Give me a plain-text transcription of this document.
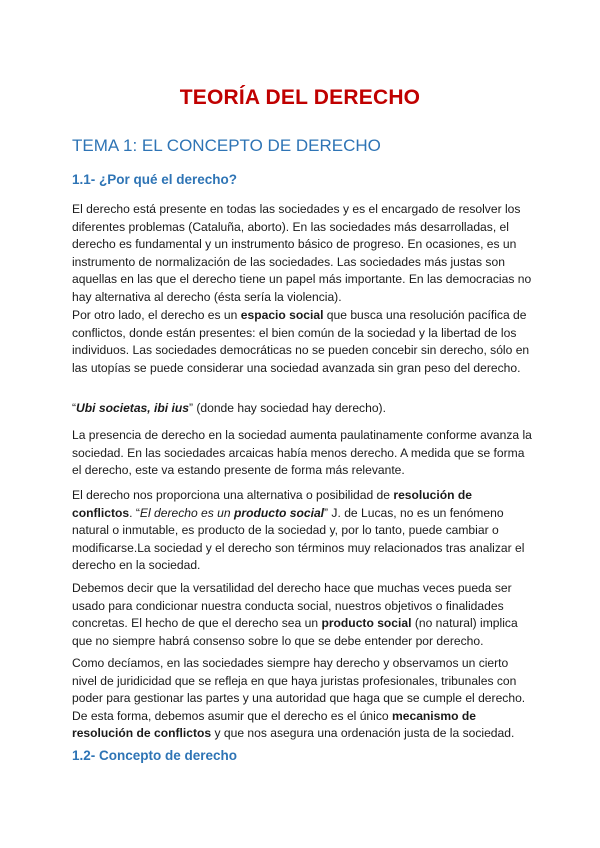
TEORÍA DEL DERECHO
TEMA 1: EL CONCEPTO DE DERECHO
1.1- ¿Por qué el derecho?

El derecho está presente en todas las sociedades y es el encargado de resolver los diferentes problemas (Cataluña, aborto). En las sociedades más desarrolladas, el derecho es fundamental y un instrumento básico de progreso. En ocasiones, es un instrumento de normalización de las sociedades. Las sociedades más justas son aquellas en las que el derecho tiene un papel más importante. En las democracias no hay alternativa al derecho (ésta sería la violencia).

Por otro lado, el derecho es un espacio social que busca una resolución pacífica de conflictos, donde están presentes: el bien común de la sociedad y la libertad de los individuos. Las sociedades democráticas no se pueden concebir sin derecho, sólo en las utopías se puede considerar una sociedad avanzada sin gran peso del derecho.

“Ubi societas, ibi ius” (donde hay sociedad hay derecho).

La presencia de derecho en la sociedad aumenta paulatinamente conforme avanza la sociedad. En las sociedades arcaicas había menos derecho. A medida que se forma el derecho, este va estando presente de forma más relevante.

El derecho nos proporciona una alternativa o posibilidad de resolución de conflictos. “El derecho es un producto social” J. de Lucas, no es un fenómeno natural o inmutable, es producto de la sociedad y, por lo tanto, puede cambiar o modificarse.La sociedad y el derecho son términos muy relacionados tras analizar el derecho en la sociedad.

Debemos decir que la versatilidad del derecho hace que muchas veces pueda ser usado para condicionar nuestra conducta social, nuestros objetivos o finalidades concretas. El hecho de que el derecho sea un producto social (no natural) implica que no siempre habrá consenso sobre lo que se debe entender por derecho.

Como decíamos, en las sociedades siempre hay derecho y observamos un cierto nivel de juridicidad que se refleja en que haya juristas profesionales, tribunales con poder para gestionar las partes y una autoridad que haga que se cumple el derecho. De esta forma, debemos asumir que el derecho es el único mecanismo de resolución de conflictos y que nos asegura una ordenación justa de la sociedad.

1.2- Concepto de derecho
